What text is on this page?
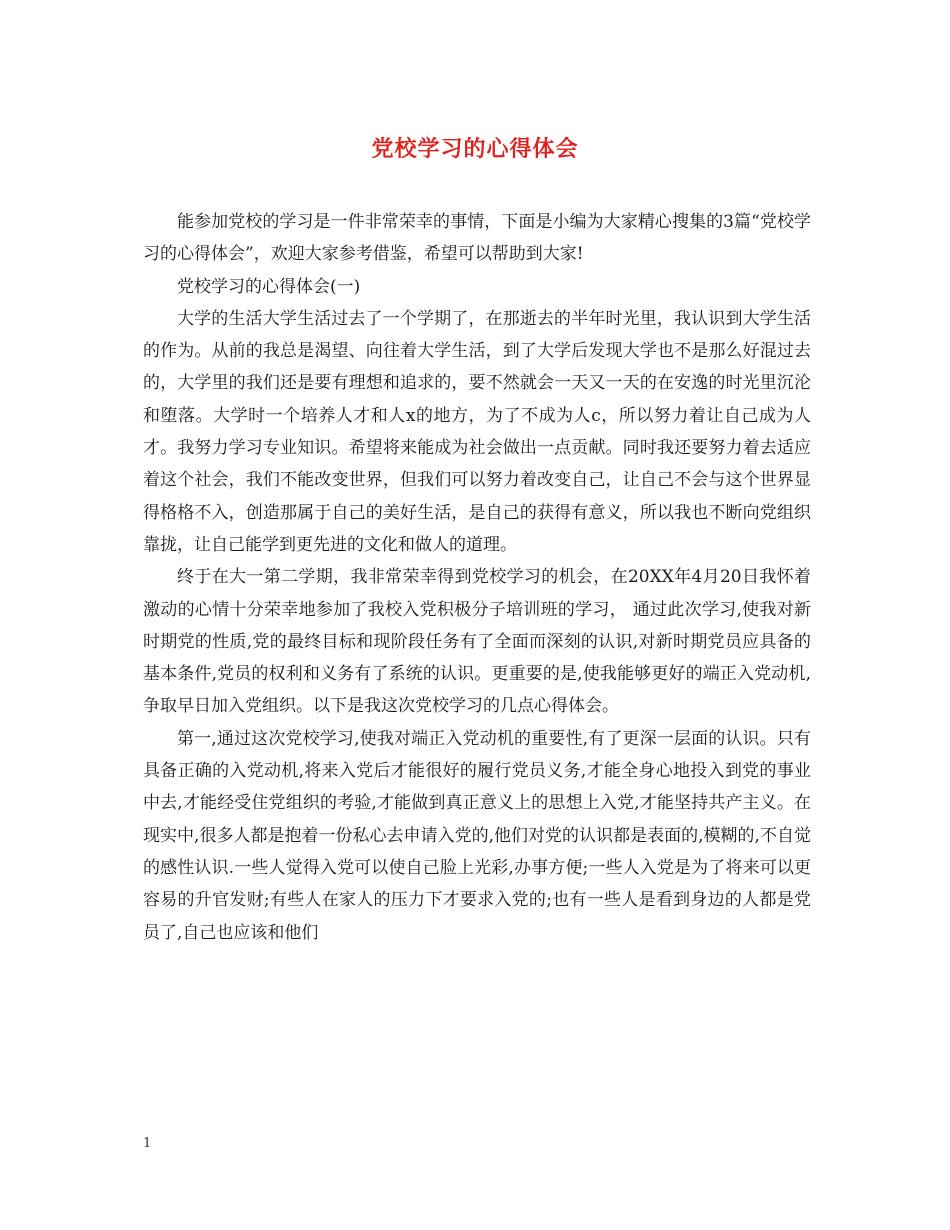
党校学习的心得体会

能参加党校的学习是一件非常荣幸的事情，下面是小编为大家精心搜集的3篇“党校学习的心得体会”，欢迎大家参考借鉴，希望可以帮助到大家!

党校学习的心得体会(一)

大学的生活大学生活过去了一个学期了，在那逝去的半年时光里，我认识到大学生活的作为。从前的我总是渴望、向往着大学生活，到了大学后发现大学也不是那么好混过去的，大学里的我们还是要有理想和追求的，要不然就会一天又一天的在安逸的时光里沉沦和堕落。大学时一个培养人才和人x的地方，为了不成为人c，所以努力着让自己成为人才。我努力学习专业知识。希望将来能成为社会做出一点贡献。同时我还要努力着去适应着这个社会，我们不能改变世界，但我们可以努力着改变自己，让自己不会与这个世界显得格格不入，创造那属于自己的美好生活，是自己的获得有意义，所以我也不断向党组织靠拢，让自己能学到更先进的文化和做人的道理。

终于在大一第二学期，我非常荣幸得到党校学习的机会，在20XX年4月20日我怀着激动的心情十分荣幸地参加了我校入党积极分子培训班的学习， 通过此次学习,使我对新时期党的性质,党的最终目标和现阶段任务有了全面而深刻的认识,对新时期党员应具备的基本条件,党员的权利和义务有了系统的认识。更重要的是,使我能够更好的端正入党动机,争取早日加入党组织。以下是我这次党校学习的几点心得体会。

第一,通过这次党校学习,使我对端正入党动机的重要性,有了更深一层面的认识。只有具备正确的入党动机,将来入党后才能很好的履行党员义务,才能全身心地投入到党的事业中去,才能经受住党组织的考验,才能做到真正意义上的思想上入党,才能坚持共产主义。在现实中,很多人都是抱着一份私心去申请入党的,他们对党的认识都是表面的,模糊的,不自觉的感性认识.一些人觉得入党可以使自己脸上光彩,办事方便;一些人入党是为了将来可以更容易的升官发财;有些人在家人的压力下才要求入党的;也有一些人是看到身边的人都是党员了,自己也应该和他们

1
